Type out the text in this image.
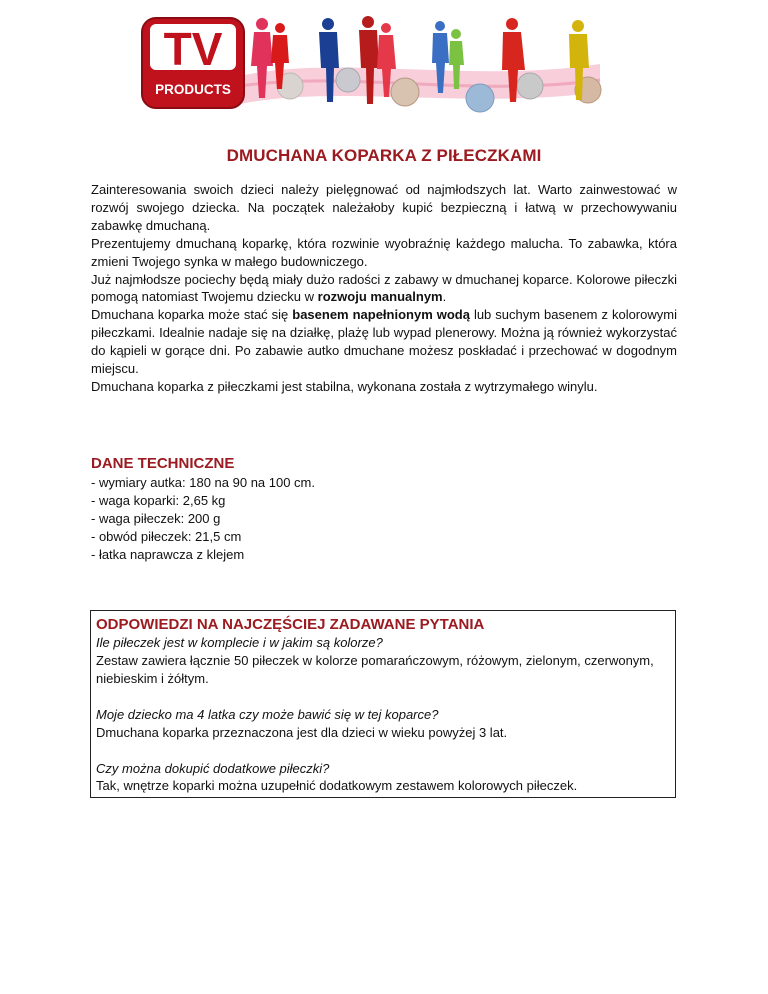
TV
PRODUCTS
DMUCHANA KOPARKA Z PIŁECZKAMI

Zainteresowania swoich dzieci należy pielęgnować od najmłodszych lat. Warto zainwestować w rozwój swojego dziecka. Na początek należałoby kupić bezpieczną i łatwą w przechowywaniu zabawkę dmuchaną.

Prezentujemy dmuchaną koparkę, która rozwinie wyobraźnię każdego malucha. To zabawka, która zmieni Twojego synka w małego budowniczego.

Już najmłodsze pociechy będą miały dużo radości z zabawy w dmuchanej koparce. Kolorowe piłeczki pomogą natomiast Twojemu dziecku w rozwoju manualnym.

Dmuchana koparka może stać się basenem napełnionym wodą lub suchym basenem z kolorowymi piłeczkami. Idealnie nadaje się na działkę, plażę lub wypad plenerowy. Można ją również wykorzystać do kąpieli w gorące dni. Po zabawie autko dmuchane możesz poskładać i przechować w dogodnym miejscu.

Dmuchana koparka z piłeczkami jest stabilna, wykonana została z wytrzymałego winylu.

DANE TECHNICZNE
- wymiary autka: 180 na 90 na 100 cm.
- waga koparki: 2,65 kg
- waga piłeczek: 200 g
- obwód piłeczek: 21,5 cm
- łatka naprawcza z klejem
ODPOWIEDZI NA NAJCZĘŚCIEJ ZADAWANE PYTANIA

Ile piłeczek jest w komplecie i w jakim są kolorze?

Zestaw zawiera łącznie 50 piłeczek w kolorze pomarańczowym, różowym, zielonym, czerwonym, niebieskim i żółtym.

Moje dziecko ma 4 latka czy może bawić się w tej koparce?

Dmuchana koparka przeznaczona jest dla dzieci w wieku powyżej 3 lat.

Czy można dokupić dodatkowe piłeczki?

Tak, wnętrze koparki można uzupełnić dodatkowym zestawem kolorowych piłeczek.
